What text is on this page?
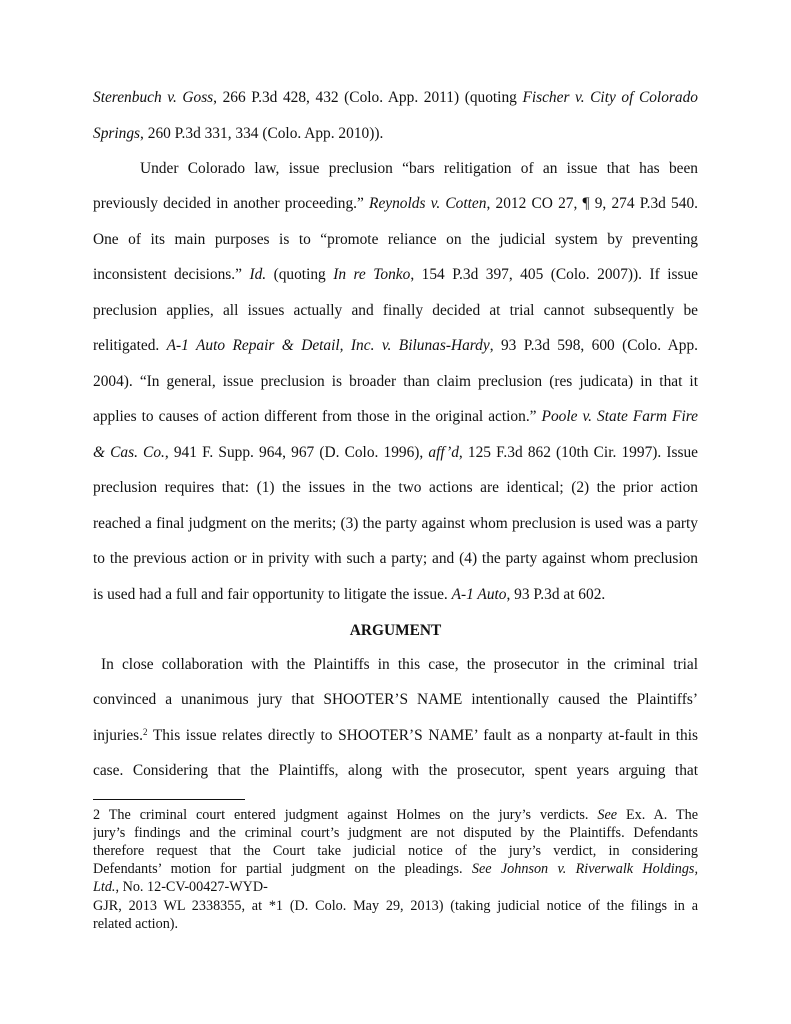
Sterenbuch v. Goss, 266 P.3d 428, 432 (Colo. App. 2011) (quoting Fischer v. City of Colorado
Springs, 260 P.3d 331, 334 (Colo. App. 2010)).
Under Colorado law, issue preclusion “bars relitigation of an issue that has been
previously decided in another proceeding.” Reynolds v. Cotten, 2012 CO 27, ¶ 9, 274 P.3d 540.
One of its main purposes is to “promote reliance on the judicial system by preventing
inconsistent decisions.” Id. (quoting In re Tonko, 154 P.3d 397, 405 (Colo. 2007)). If issue
preclusion applies, all issues actually and finally decided at trial cannot subsequently be
relitigated. A-1 Auto Repair & Detail, Inc. v. Bilunas-Hardy, 93 P.3d 598, 600 (Colo. App.
2004). “In general, issue preclusion is broader than claim preclusion (res judicata) in that it
applies to causes of action different from those in the original action.” Poole v. State Farm Fire
& Cas. Co., 941 F. Supp. 964, 967 (D. Colo. 1996), aff’d, 125 F.3d 862 (10th Cir. 1997). Issue
preclusion requires that: (1) the issues in the two actions are identical; (2) the prior action
reached a final judgment on the merits; (3) the party against whom preclusion is used was a party
to the previous action or in privity with such a party; and (4) the party against whom preclusion
is used had a full and fair opportunity to litigate the issue. A-1 Auto, 93 P.3d at 602.
ARGUMENT
In close collaboration with the Plaintiffs in this case, the prosecutor in the criminal trial
convinced a unanimous jury that SHOOTER’S NAME intentionally caused the Plaintiffs’
injuries.$^2$ This issue relates directly to SHOOTER’S NAME’ fault as a nonparty at-fault in this
case. Considering that the Plaintiffs, along with the prosecutor, spent years arguing that
2 The criminal court entered judgment against Holmes on the jury’s verdicts. See Ex. A. The
jury’s findings and the criminal court’s judgment are not disputed by the Plaintiffs. Defendants
therefore request that the Court take judicial notice of the jury’s verdict, in considering
Defendants’ motion for partial judgment on the pleadings. See Johnson v. Riverwalk Holdings,
Ltd., No. 12-CV-00427-WYD-
GJR, 2013 WL 2338355, at *1 (D. Colo. May 29, 2013) (taking judicial notice of the filings in a
related action).
